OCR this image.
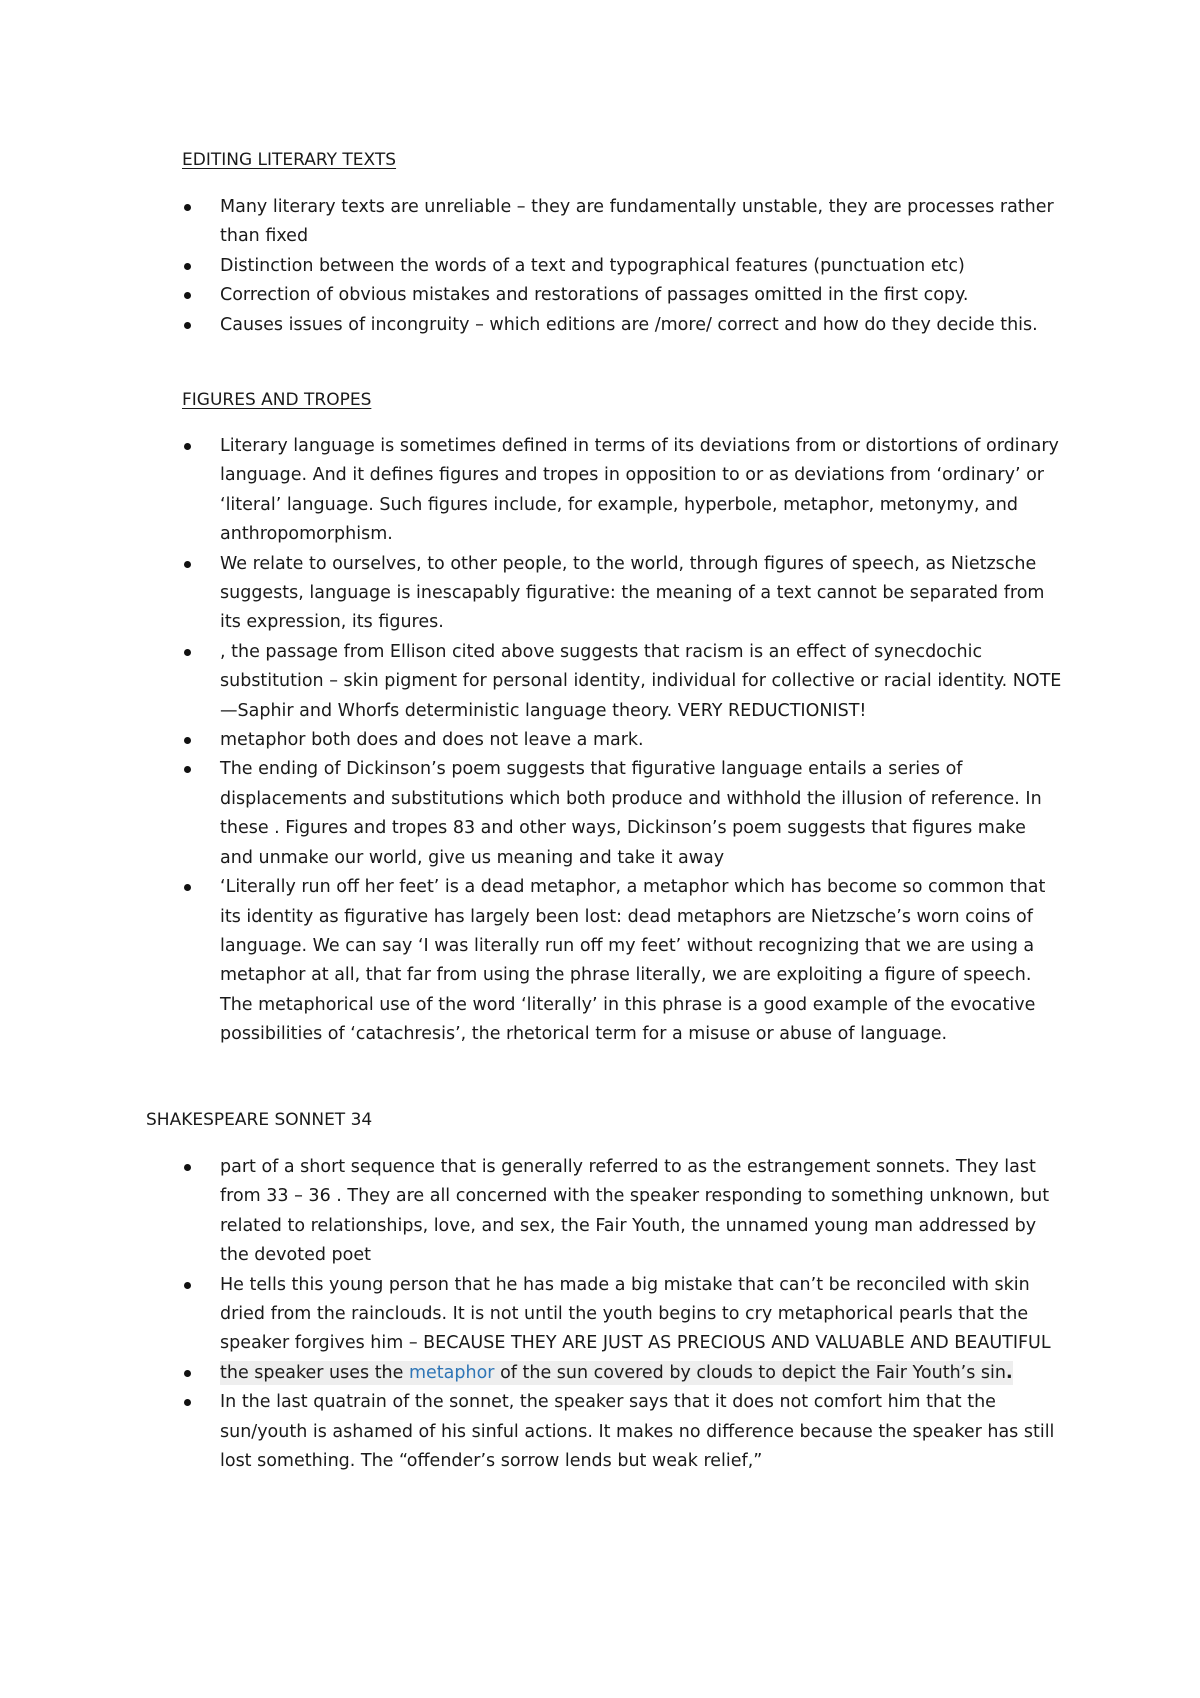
EDITING LITERARY TEXTS
Many literary texts are unreliable – they are fundamentally unstable, they are processes rather than fixed
Distinction between the words of a text and typographical features (punctuation etc)
Correction of obvious mistakes and restorations of passages omitted in the first copy.
Causes issues of incongruity – which editions are /more/ correct and how do they decide this.
FIGURES AND TROPES
Literary language is sometimes defined in terms of its deviations from or distortions of ordinary language. And it defines figures and tropes in opposition to or as deviations from ‘ordinary’ or ‘literal’ language. Such figures include, for example, hyperbole, metaphor, metonymy, and anthropomorphism.
We relate to ourselves, to other people, to the world, through figures of speech, as Nietzsche suggests, language is inescapably figurative: the meaning of a text cannot be separated from its expression, its figures.
, the passage from Ellison cited above suggests that racism is an effect of synecdochic substitution – skin pigment for personal identity, individual for collective or racial identity. NOTE—Saphir and Whorfs deterministic language theory. VERY REDUCTIONIST!
metaphor both does and does not leave a mark.
The ending of Dickinson’s poem suggests that figurative language entails a series of displacements and substitutions which both produce and withhold the illusion of reference. In these . Figures and tropes 83 and other ways, Dickinson’s poem suggests that figures make and unmake our world, give us meaning and take it away
‘Literally run off her feet’ is a dead metaphor, a metaphor which has become so common that its identity as figurative has largely been lost: dead metaphors are Nietzsche’s worn coins of language. We can say ‘I was literally run off my feet’ without recognizing that we are using a metaphor at all, that far from using the phrase literally, we are exploiting a figure of speech. The metaphorical use of the word ‘literally’ in this phrase is a good example of the evocative possibilities of ‘catachresis’, the rhetorical term for a misuse or abuse of language.
SHAKESPEARE SONNET 34
part of a short sequence that is generally referred to as the estrangement sonnets. They last from 33 – 36 . They are all concerned with the speaker responding to something unknown, but related to relationships, love, and sex, the Fair Youth, the unnamed young man addressed by the devoted poet
He tells this young person that he has made a big mistake that can’t be reconciled with skin dried from the rainclouds. It is not until the youth begins to cry metaphorical pearls that the speaker forgives him – BECAUSE THEY ARE JUST AS PRECIOUS AND VALUABLE AND BEAUTIFUL
the speaker uses the metaphor of the sun covered by clouds to depict the Fair Youth’s sin.
In the last quatrain of the sonnet, the speaker says that it does not comfort him that the sun/youth is ashamed of his sinful actions. It makes no difference because the speaker has still lost something. The “offender’s sorrow lends but weak relief,”
